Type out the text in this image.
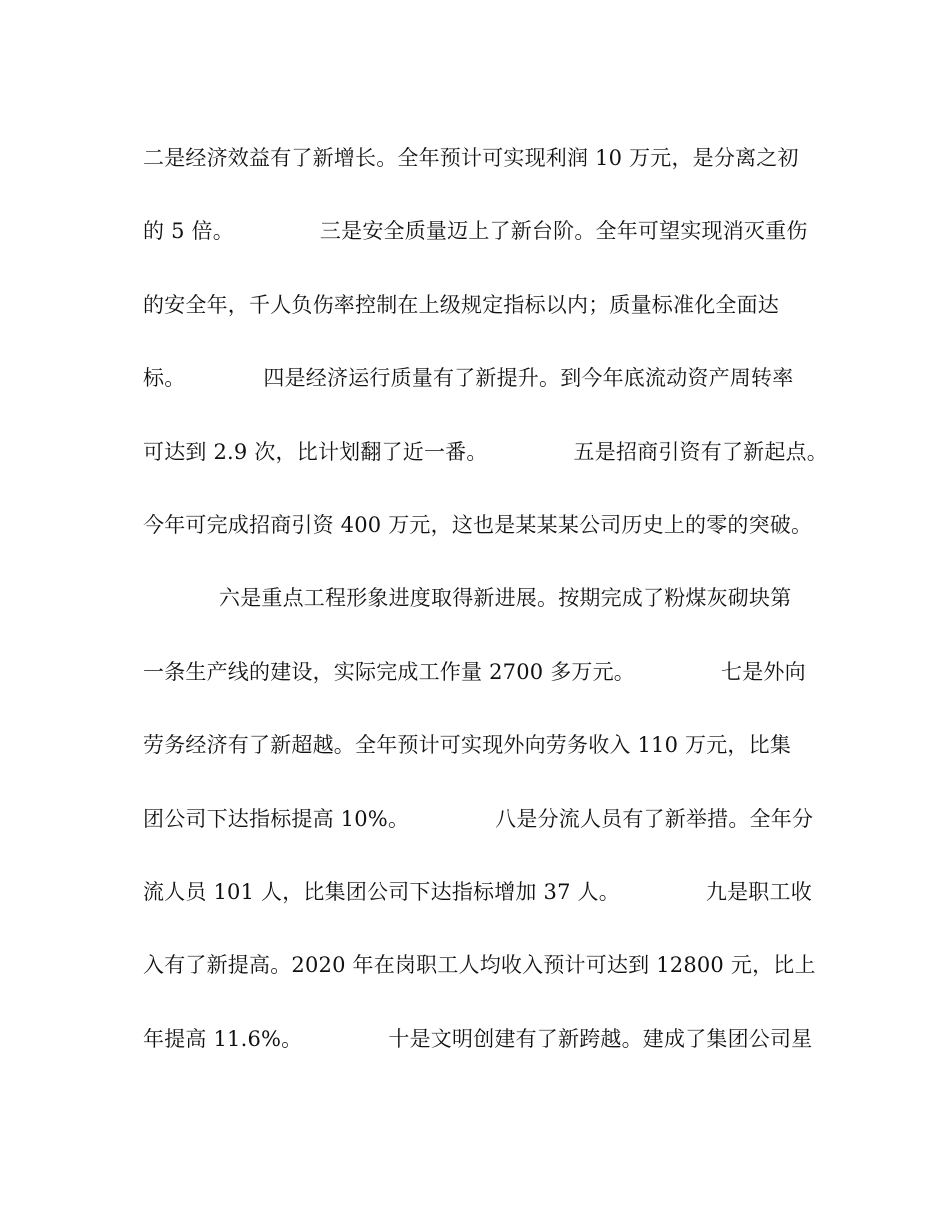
二是经济效益有了新增长。全年预计可实现利润 10 万元，是分离之初
的 5 倍。	三是安全质量迈上了新台阶。全年可望实现消灭重伤
的安全年，千人负伤率控制在上级规定指标以内；质量标准化全面达
标。	四是经济运行质量有了新提升。到今年底流动资产周转率
可达到 2.9 次，比计划翻了近一番。	五是招商引资有了新起点。
今年可完成招商引资 400 万元，这也是某某某公司历史上的零的突破。
六是重点工程形象进度取得新进展。按期完成了粉煤灰砌块第
一条生产线的建设，实际完成工作量 2700 多万元。	七是外向
劳务经济有了新超越。全年预计可实现外向劳务收入 110 万元，比集
团公司下达指标提高 10%。	八是分流人员有了新举措。全年分
流人员 101 人，比集团公司下达指标增加 37 人。	九是职工收
入有了新提高。2020 年在岗职工人均收入预计可达到 12800 元，比上
年提高 11.6%。	十是文明创建有了新跨越。建成了集团公司星
